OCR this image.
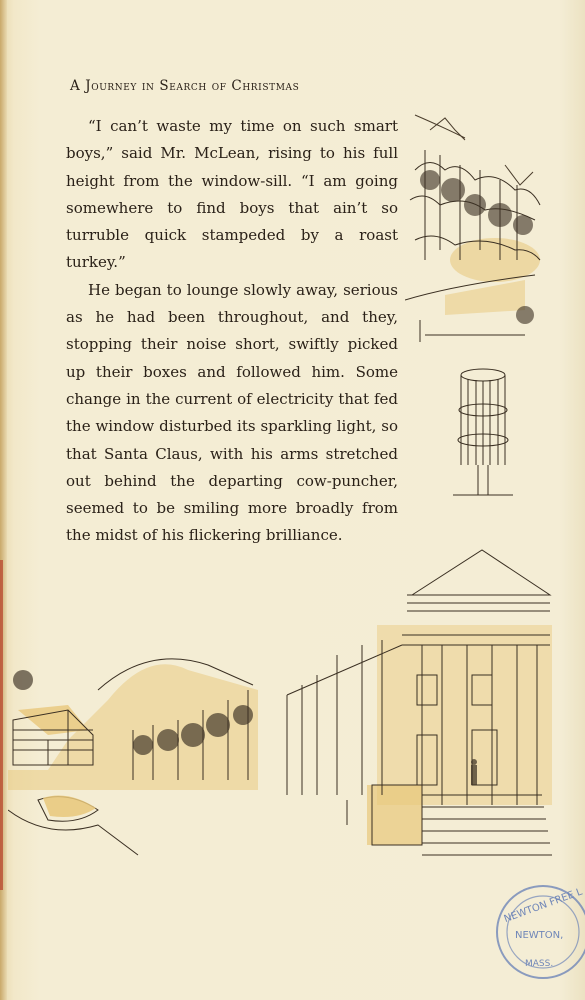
A Journey in Search of Christmas

“I can’t waste my time on such smart boys,” said Mr. McLean, rising to his full height from the window-sill. “I am going somewhere to find boys that ain’t so turruble quick stampeded by a roast turkey.”

He began to lounge slowly away, serious as he had been throughout, and they, stopping their noise short, swiftly picked up their boxes and followed him. Some change in the current of electricity that fed the window disturbed its sparkling light, so that Santa Claus, with his arms stretched out behind the departing cow-puncher, seemed to be smiling more broadly from the midst of his flickering brilliance.

NEWTON FREE L
NEWTON,
MASS.
